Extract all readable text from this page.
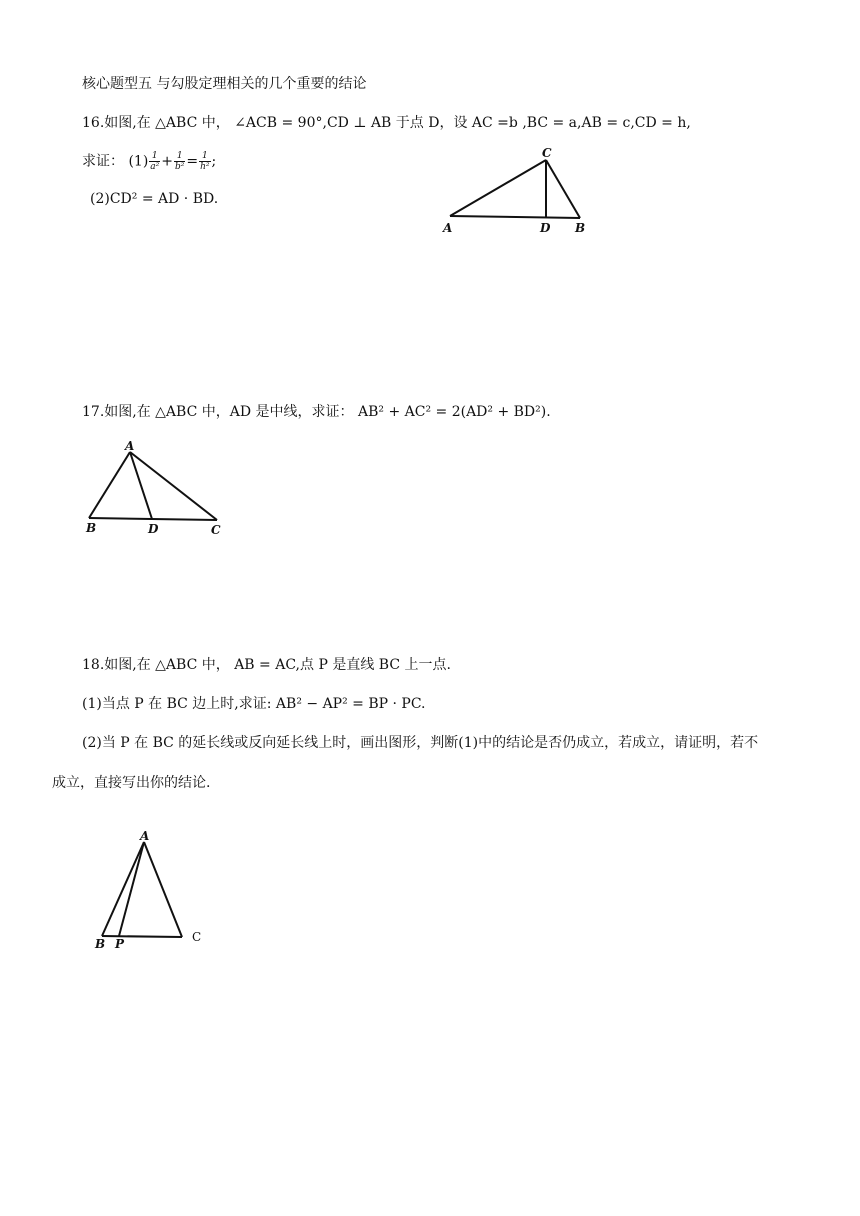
核心题型五 与勾股定理相关的几个重要的结论
16.如图,在 △ABC 中， ∠ACB = 90°,CD ⊥ AB 于点 D，设 AC =b ,BC = a,AB = c,CD = h,
求证： $(1) \frac{1}{\text{a²}} + \frac{1}{\text{b²}} = \frac{1}{\text{h²}}$ ;
(2)CD² = AD · BD.
A
C
D B
17.如图,在 △ABC 中，AD 是中线，求证： AB² + AC² = 2(AD² + BD²).
A
B	D	C
18.如图,在 △ABC 中， AB = AC,点 P 是直线 BC 上一点.
(1)当点 P 在 BC 边上时,求证: AB² − AP² = BP · PC.
(2)当 P 在 BC 的延长线或反向延长线上时，画出图形，判断(1)中的结论是否仍成立，若成立，请证明，若不
成立，直接写出你的结论.
A
B P	C
